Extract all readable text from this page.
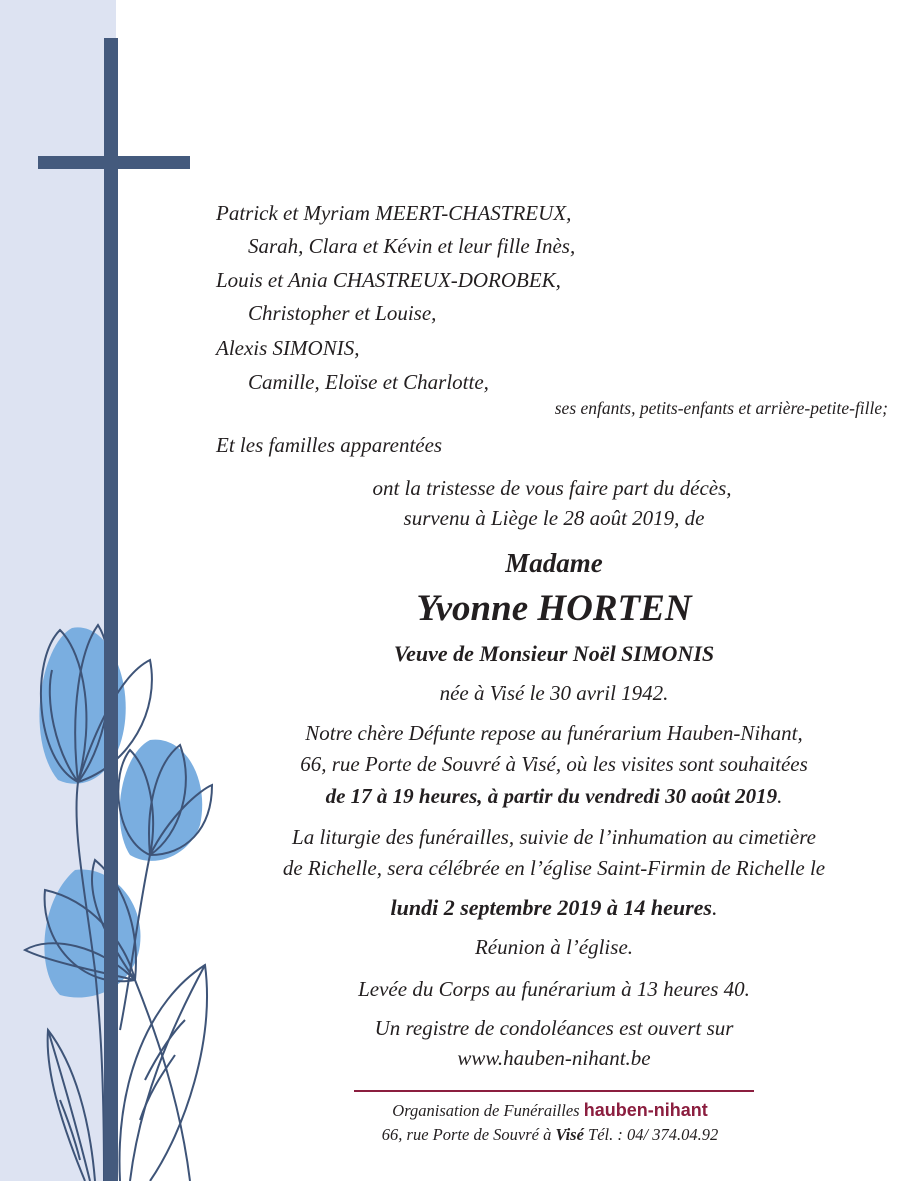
Patrick et Myriam MEERT-CHASTREUX,
Sarah, Clara et Kévin et leur fille Inès,
Louis et Ania CHASTREUX-DOROBEK,
Christopher et Louise,
Alexis SIMONIS,
Camille, Eloïse et Charlotte,
ses enfants, petits-enfants et arrière-petite-fille;
Et les familles apparentées
ont la tristesse de vous faire part du décès,
survenu à Liège le 28 août 2019, de
Madame
Yvonne HORTEN
Veuve de Monsieur Noël SIMONIS
née à Visé le 30 avril 1942.
Notre chère Défunte repose au funérarium Hauben-Nihant,
66, rue Porte de Souvré à Visé, où les visites sont souhaitées
de 17 à 19 heures, à partir du vendredi 30 août 2019.
La liturgie des funérailles, suivie de l’inhumation au cimetière
de Richelle, sera célébrée en l’église Saint-Firmin de Richelle le
lundi 2 septembre 2019 à 14 heures.
Réunion à l’église.
Levée du Corps au funérarium à 13 heures 40.
Un registre de condoléances est ouvert sur
www.hauben-nihant.be
Organisation de Funérailles hauben-nihant
66, rue Porte de Souvré à Visé Tél. : 04/ 374.04.92
